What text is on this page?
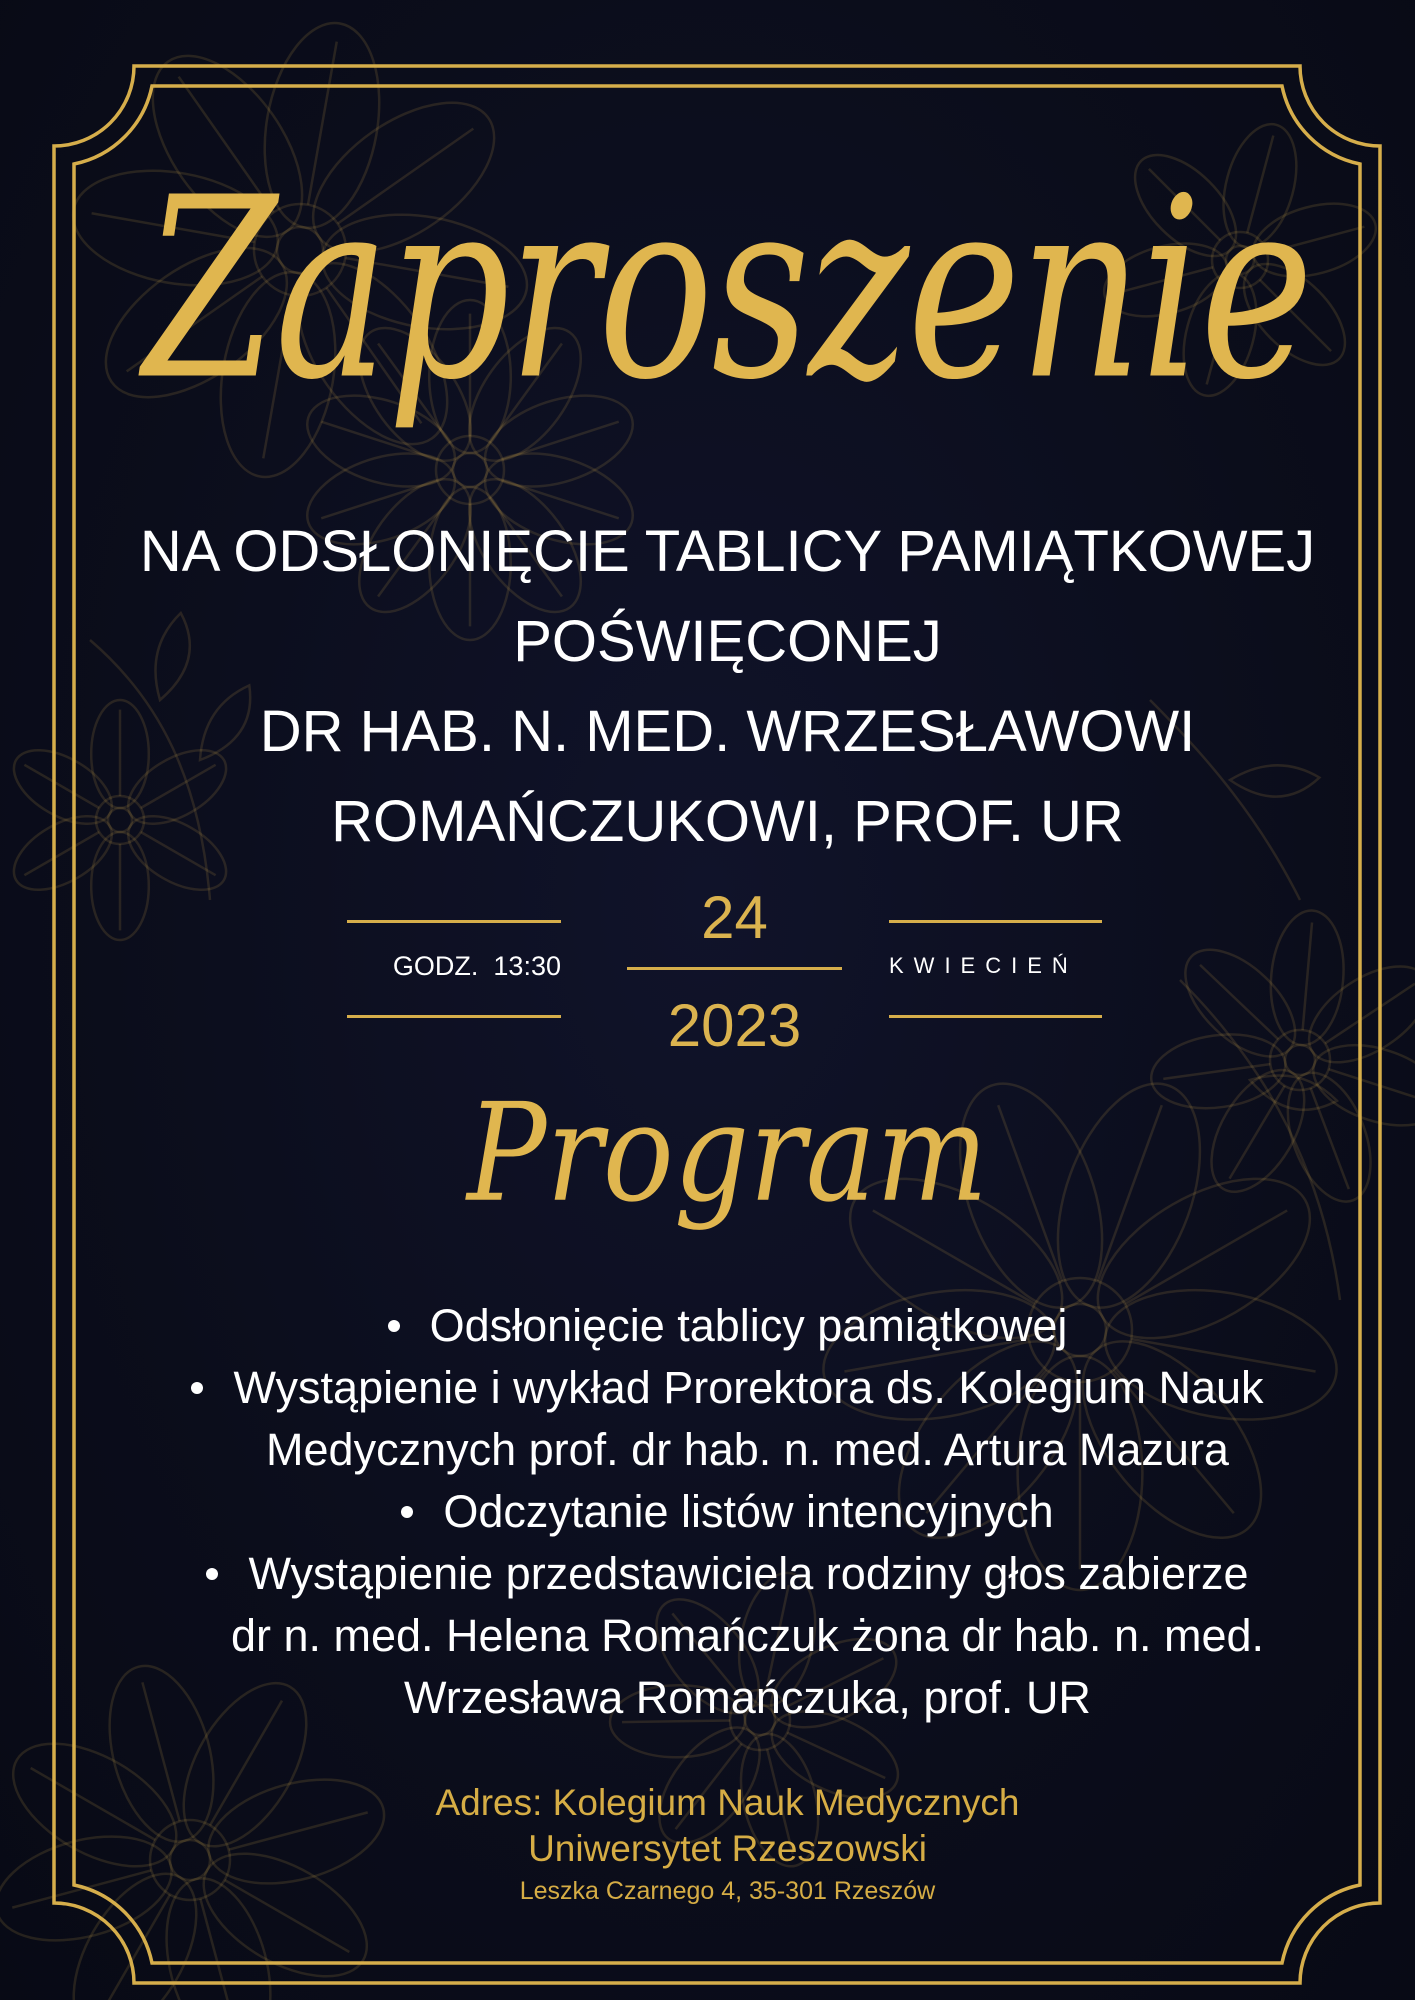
Zaproszenie
NA ODSŁONIĘCIE TABLICY PAMIĄTKOWEJ
POŚWIĘCONEJ
DR HAB. N. MED. WRZESŁAWOWI
ROMAŃCZUKOWI, PROF. UR
GODZ.  13:30
24
2023
KWIECIEŃ
Program
Odsłonięcie tablicy pamiątkowej
Wystąpienie i wykład Prorektora ds. Kolegium Nauk
Medycznych prof. dr hab. n. med. Artura Mazura
Odczytanie listów intencyjnych
Wystąpienie przedstawiciela rodziny głos zabierze
dr n. med. Helena Romańczuk żona dr hab. n. med.
Wrzesława Romańczuka, prof. UR
Adres: Kolegium Nauk Medycznych
Uniwersytet Rzeszowski
Leszka Czarnego 4, 35-301 Rzeszów
